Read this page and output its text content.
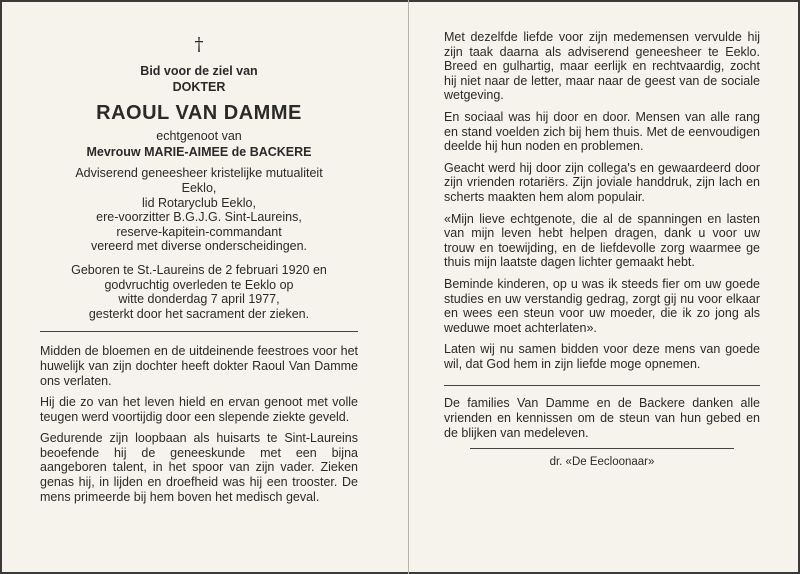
†

Bid voor de ziel van

DOKTER

RAOUL VAN DAMME

echtgenoot van

Mevrouw MARIE-AIMEE de BACKERE

Adviserend geneesheer kristelijke mutualiteit
Eeklo,
lid Rotaryclub Eeklo,
ere-voorzitter B.G.J.G. Sint-Laureins,
reserve-kapitein-commandant
vereerd met diverse onderscheidingen.
Geboren te St.-Laureins de 2 februari 1920 en
godvruchtig overleden te Eeklo op
witte donderdag 7 april 1977,
gesterkt door het sacrament der zieken.

Midden de bloemen en de uitdeinende feestroes voor het huwelijk van zijn dochter heeft dokter Raoul Van Damme ons verlaten.

Hij die zo van het leven hield en ervan genoot met volle teugen werd voortijdig door een slepende ziekte geveld.

Gedurende zijn loopbaan als huisarts te Sint-Laureins beoefende hij de geneeskunde met een bijna aangeboren talent, in het spoor van zijn vader. Zieken genas hij, in lijden en droefheid was hij een trooster. De mens primeerde bij hem boven het medisch geval.

Met dezelfde liefde voor zijn medemensen vervulde hij zijn taak daarna als adviserend geneesheer te Eeklo. Breed en gulhartig, maar eerlijk en rechtvaardig, zocht hij niet naar de letter, maar naar de geest van de sociale wetgeving.

En sociaal was hij door en door. Mensen van alle rang en stand voelden zich bij hem thuis. Met de eenvoudigen deelde hij hun noden en problemen.

Geacht werd hij door zijn collega's en gewaardeerd door zijn vrienden rotariërs. Zijn joviale handdruk, zijn lach en scherts maakten hem alom populair.

«Mijn lieve echtgenote, die al de spanningen en lasten van mijn leven hebt helpen dragen, dank u voor uw trouw en toewijding, en de liefdevolle zorg waarmee ge thuis mijn laatste dagen lichter gemaakt hebt.

Beminde kinderen, op u was ik steeds fier om uw goede studies en uw verstandig gedrag, zorgt gij nu voor elkaar en wees een steun voor uw moeder, die ik zo jong als weduwe moet achterlaten».

Laten wij nu samen bidden voor deze mens van goede wil, dat God hem in zijn liefde moge opnemen.

De families Van Damme en de Backere danken alle vrienden en kennissen om de steun van hun gebed en de blijken van medeleven.

dr. «De Eecloonaar»
